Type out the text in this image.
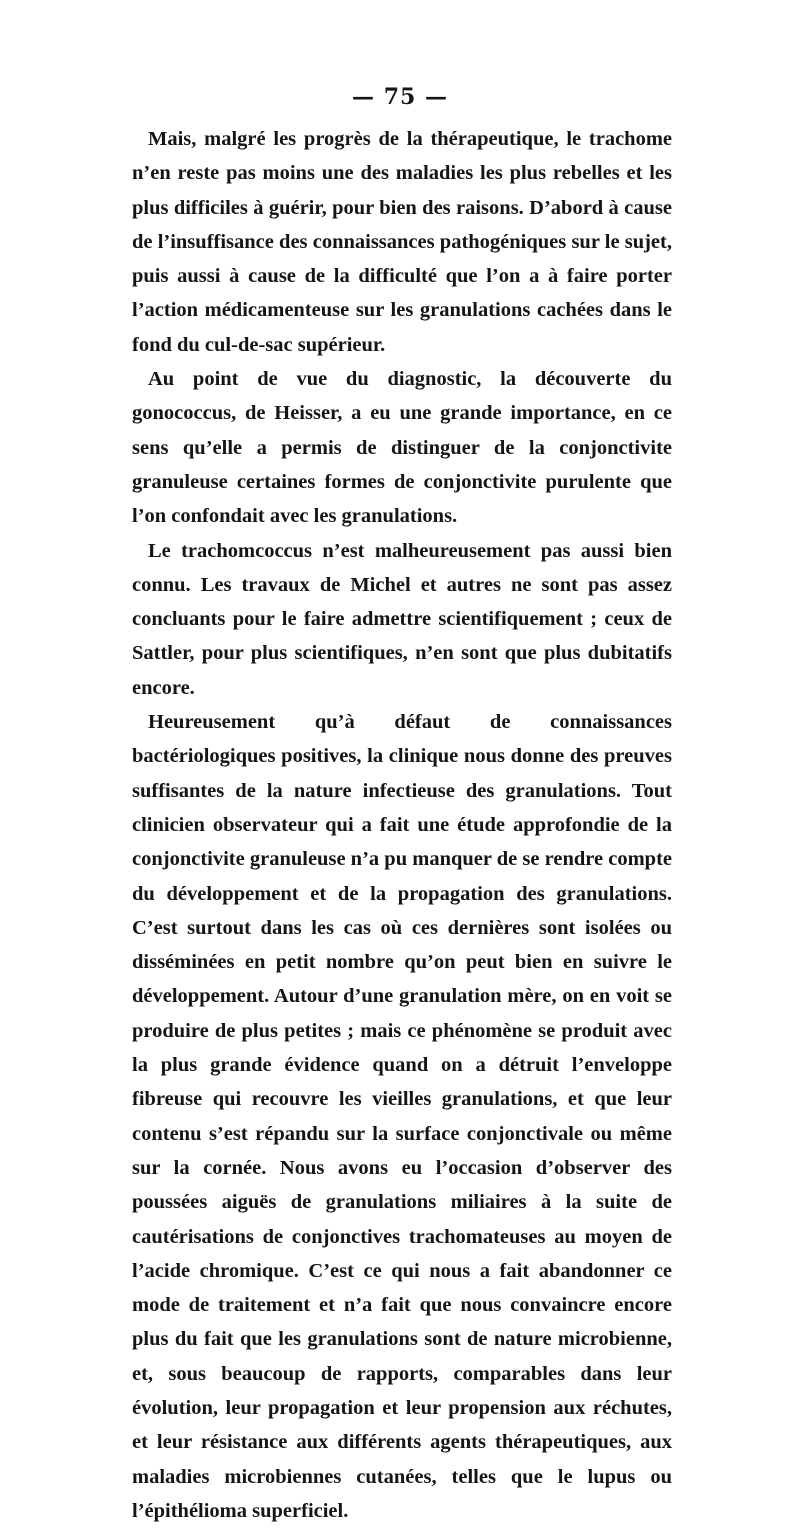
— 75 —

Mais, malgré les progrès de la thérapeutique, le trachome n’en reste pas moins une des maladies les plus rebelles et les plus difficiles à guérir, pour bien des raisons. D’abord à cause de l’insuffisance des connaissances pathogéniques sur le sujet, puis aussi à cause de la difficulté que l’on a à faire porter l’action médicamenteuse sur les granulations cachées dans le fond du cul-de-sac supérieur.

Au point de vue du diagnostic, la découverte du gonococcus, de Heisser, a eu une grande importance, en ce sens qu’elle a permis de distinguer de la conjonctivite granuleuse certaines formes de conjonctivite purulente que l’on confondait avec les granulations.

Le trachomcoccus n’est malheureusement pas aussi bien connu. Les travaux de Michel et autres ne sont pas assez concluants pour le faire admettre scientifiquement ; ceux de Sattler, pour plus scientifiques, n’en sont que plus dubitatifs encore.

Heureusement qu’à défaut de connaissances bactériologiques positives, la clinique nous donne des preuves suffisantes de la nature infectieuse des granulations. Tout clinicien observateur qui a fait une étude approfondie de la conjonctivite granuleuse n’a pu manquer de se rendre compte du développement et de la propagation des granulations. C’est surtout dans les cas où ces dernières sont isolées ou disséminées en petit nombre qu’on peut bien en suivre le développement. Autour d’une granulation mère, on en voit se produire de plus petites ; mais ce phénomène se produit avec la plus grande évidence quand on a détruit l’enveloppe fibreuse qui recouvre les vieilles granulations, et que leur contenu s’est répandu sur la surface conjonctivale ou même sur la cornée. Nous avons eu l’occasion d’observer des poussées aiguës de granulations miliaires à la suite de cautérisations de conjonctives trachomateuses au moyen de l’acide chromique. C’est ce qui nous a fait abandonner ce mode de traitement et n’a fait que nous convaincre encore plus du fait que les granulations sont de nature microbienne, et, sous beaucoup de rapports, comparables dans leur évolution, leur propagation et leur propension aux réchutes, et leur résistance aux différents agents thérapeutiques, aux maladies microbiennes cutanées, telles que le lupus ou l’épithélioma superficiel.
